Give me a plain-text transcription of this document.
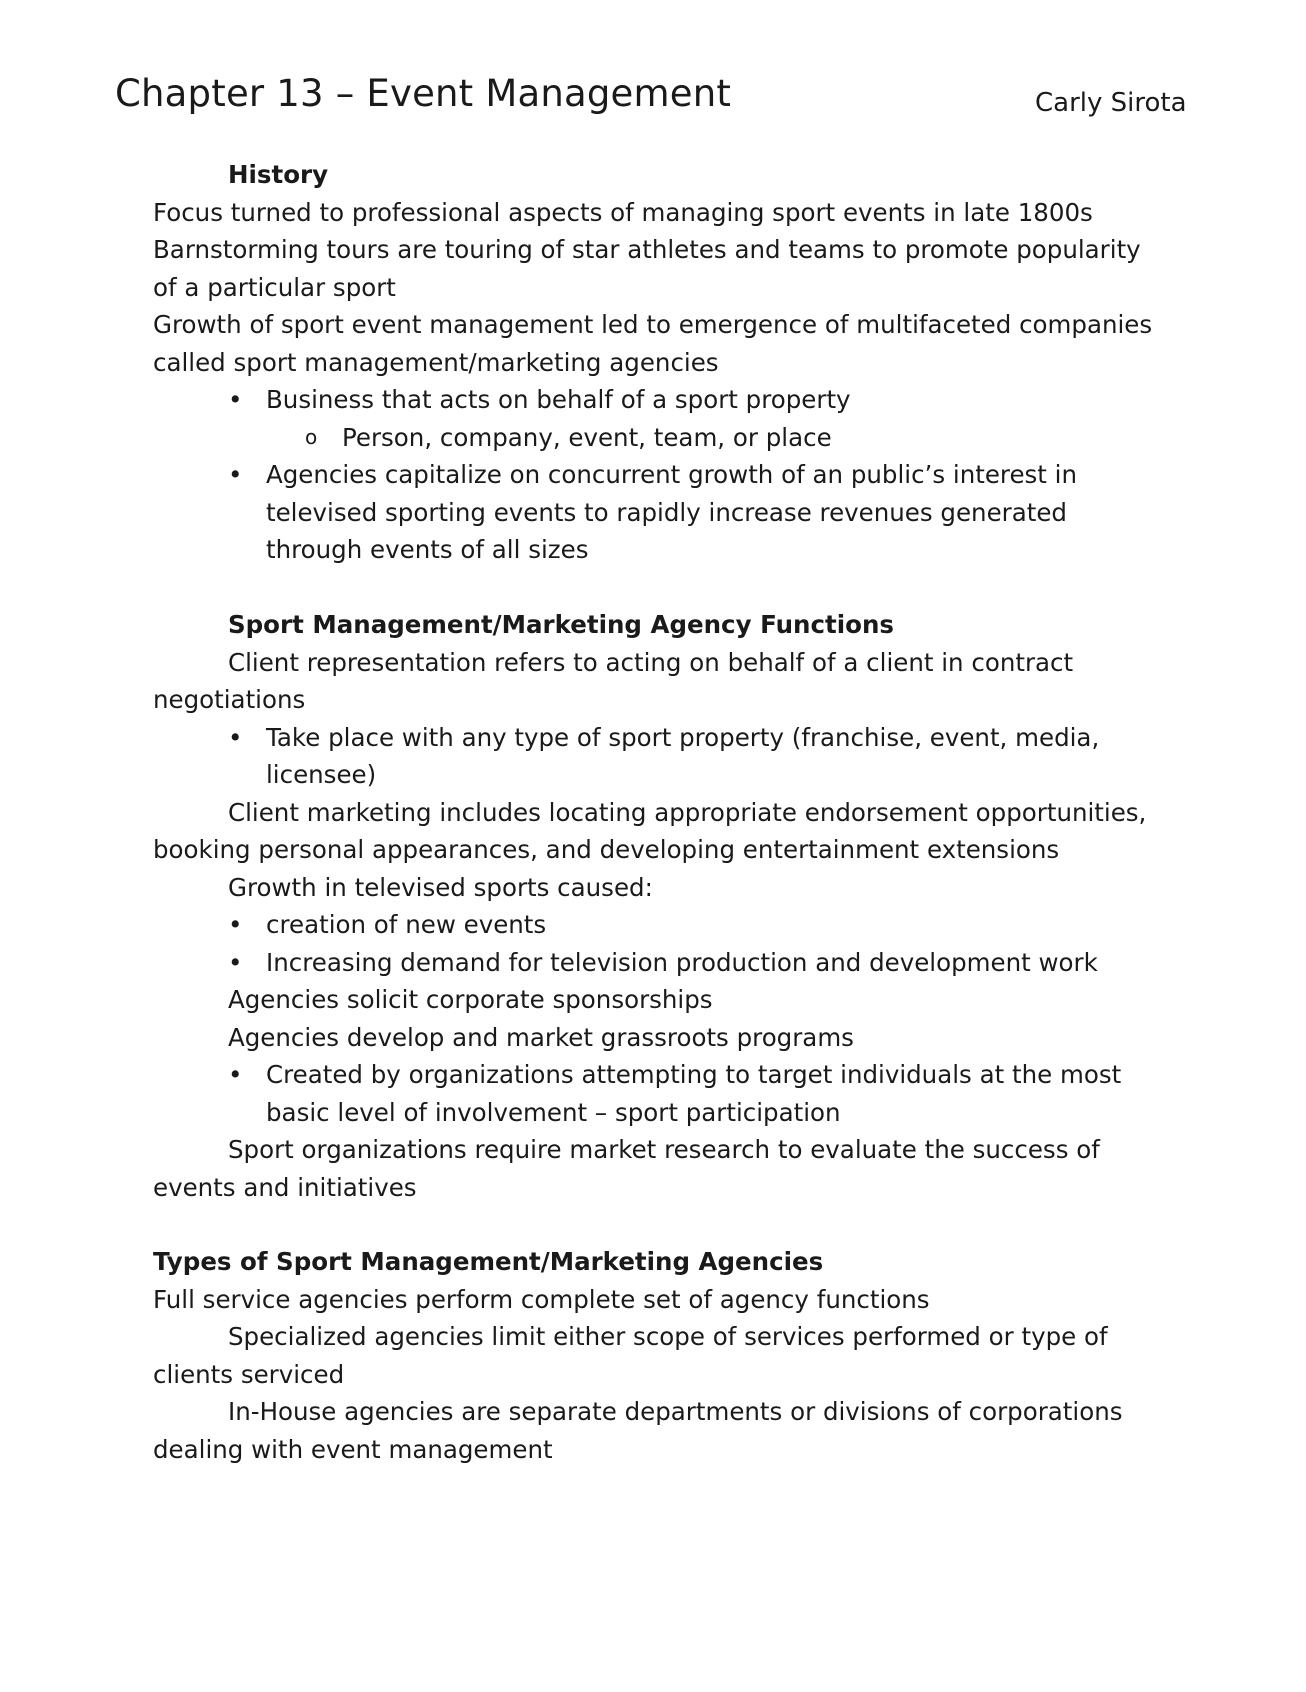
Chapter 13 – Event Management	Carly Sirota
History

Focus turned to professional aspects of managing sport events in late 1800s

Barnstorming tours are touring of star athletes and teams to promote popularity of a particular sport

Growth of sport event management led to emergence of multifaceted companies called sport management/marketing agencies

• Business that acts on behalf of a sport property
o	Person, company, event, team, or place
• Agencies capitalize on concurrent growth of an public’s interest in televised sporting events to rapidly increase revenues generated through events of all sizes

Sport Management/Marketing Agency Functions

Client representation refers to acting on behalf of a client in contract negotiations

• Take place with any type of sport property (franchise, event, media, licensee)

Client marketing includes locating appropriate endorsement opportunities, booking personal appearances, and developing entertainment extensions

Growth in televised sports caused:

• creation of new events
• Increasing demand for television production and development work

Agencies solicit corporate sponsorships

Agencies develop and market grassroots programs

• Created by organizations attempting to target individuals at the most basic level of involvement – sport participation

Sport organizations require market research to evaluate the success of events and initiatives

Types of Sport Management/Marketing Agencies

Full service agencies perform complete set of agency functions

Specialized agencies limit either scope of services performed or type of clients serviced

In-House agencies are separate departments or divisions of corporations dealing with event management
